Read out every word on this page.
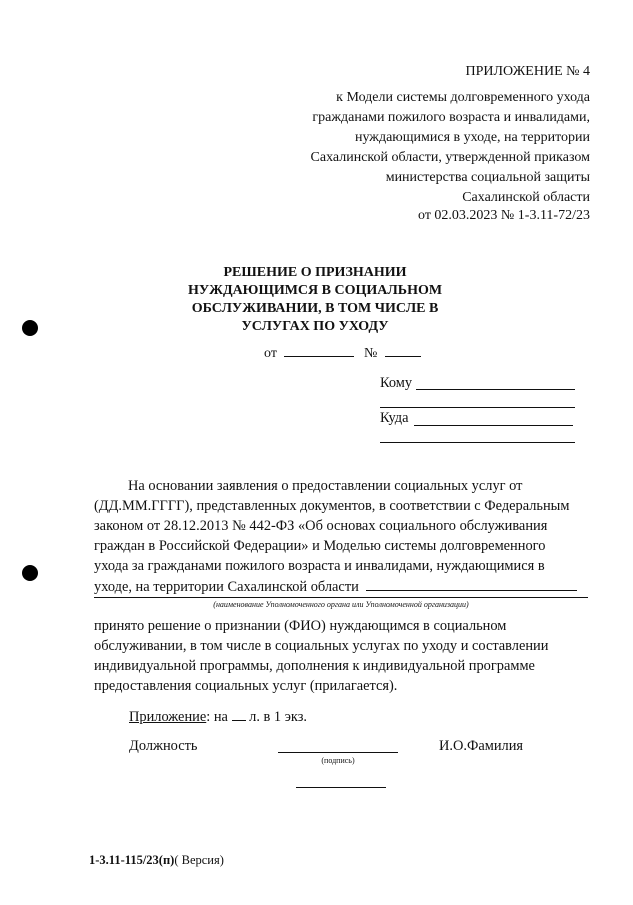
ПРИЛОЖЕНИЕ № 4
к Модели системы долговременного ухода
гражданами пожилого возраста и инвалидами,
нуждающимися в уходе, на территории
Сахалинской области, утвержденной приказом
министерства социальной защиты
Сахалинской области
от 02.03.2023 № 1-3.11-72/23
РЕШЕНИЕ О ПРИЗНАНИИ
НУЖДАЮЩИМСЯ В СОЦИАЛЬНОМ
ОБСЛУЖИВАНИИ, В ТОМ ЧИСЛЕ В
УСЛУГАХ ПО УХОДУ
от	№
Кому
Куда
На основании заявления о предоставлении социальных услуг от
(ДД.ММ.ГГГГ), представленных документов, в соответствии с Федеральным
законом от 28.12.2013 № 442-ФЗ «Об основах социального обслуживания
граждан в Российской Федерации» и Моделью системы долговременного
ухода за гражданами пожилого возраста и инвалидами, нуждающимися в
уходе, на территории Сахалинской области
(наименование Уполномоченного органа или Уполномоченной организации)
принято решение о признании (ФИО) нуждающимся в социальном
обслуживании, в том числе в социальных услугах по уходу и составлении
индивидуальной программы, дополнения к индивидуальной программе
предоставления социальных услуг (прилагается).
Приложение: на л. в 1 экз.
Должность
(подпись)
И.О.Фамилия
1-3.11-115/23(п)( Версия)
